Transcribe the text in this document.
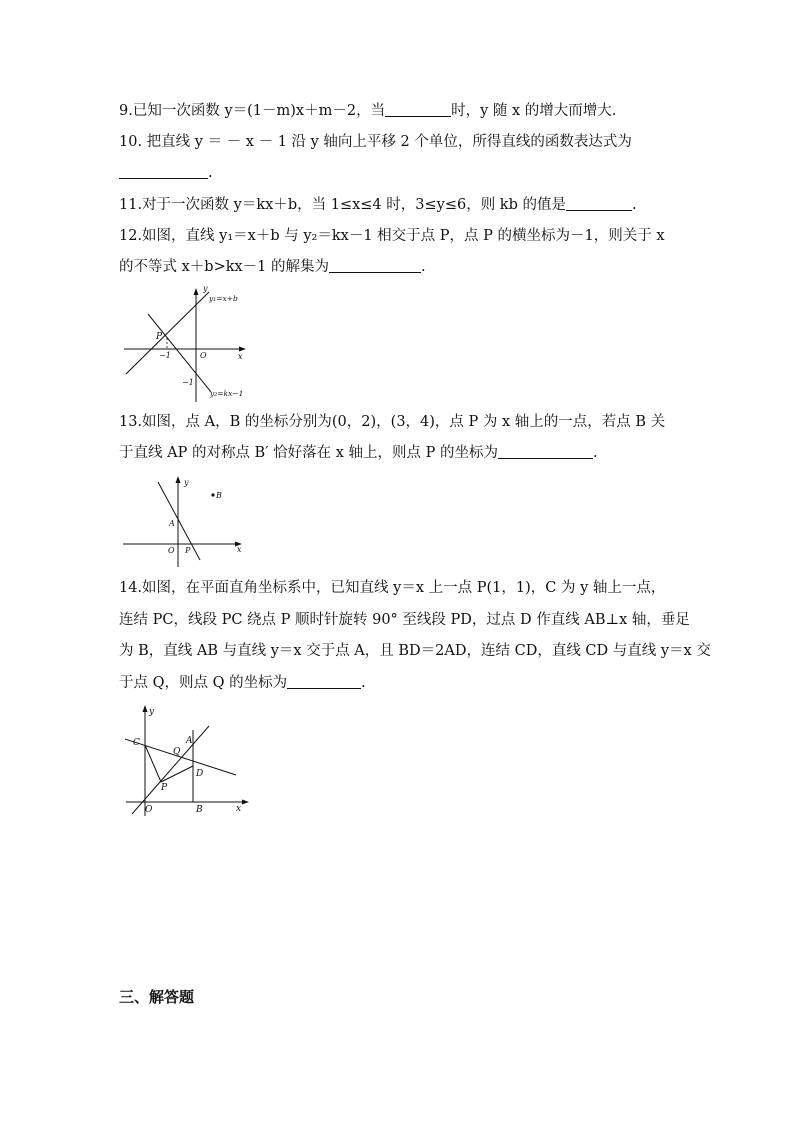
9.已知一次函数 y＝(1－m)x＋m－2，当	时，y 随 x 的增大而增大.
10. 把直线 y ＝ － x － 1 沿 y 轴向上平移 2 个单位，所得直线的函数表达式为
.
11.对于一次函数 y＝kx＋b，当 1≤x≤4 时，3≤y≤6，则 kb 的值是	.
12.如图，直线 y₁＝x＋b 与 y₂＝kx－1 相交于点 P，点 P 的横坐标为－1，则关于 x
的不等式 x＋b>kx－1 的解集为	.
y
x
O
P
−1
−1
y₁=x+b
y₂=kx−1
13.如图，点 A，B 的坐标分别为(0，2)，(3，4)，点 P 为 x 轴上的一点，若点 B 关
于直线 AP 的对称点 B′ 恰好落在 x 轴上，则点 P 的坐标为	.
y
x
O
A
B
P
14.如图，在平面直角坐标系中，已知直线 y＝x 上一点 P(1，1)，C 为 y 轴上一点，
连结 PC，线段 PC 绕点 P 顺时针旋转 90° 至线段 PD，过点 D 作直线 AB⊥x 轴，垂足
为 B，直线 AB 与直线 y＝x 交于点 A，且 BD＝2AD，连结 CD，直线 CD 与直线 y＝x 交
于点 Q，则点 Q 的坐标为	.
y
x
O	B
C	A
Q
D
P
三、解答题
